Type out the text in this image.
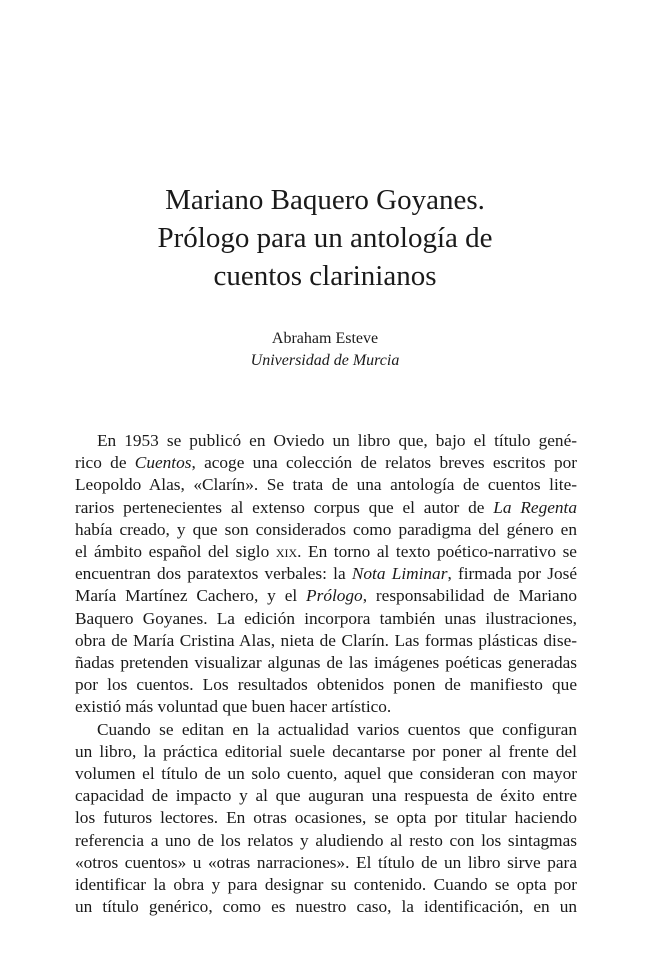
Mariano Baquero Goyanes.
Prólogo para un antología de
cuentos clarinianos
Abraham Esteve
Universidad de Murcia

En 1953 se publicó en Oviedo un libro que, bajo el título gené-
rico de Cuentos, acoge una colección de relatos breves escritos por
Leopoldo Alas, «Clarín». Se trata de una antología de cuentos lite-
rarios pertenecientes al extenso corpus que el autor de La Regenta
había creado, y que son considerados como paradigma del género en
el ámbito español del siglo xix. En torno al texto poético-narrativo se
encuentran dos paratextos verbales: la Nota Liminar, firmada por José
María Martínez Cachero, y el Prólogo, responsabilidad de Mariano
Baquero Goyanes. La edición incorpora también unas ilustraciones,
obra de María Cristina Alas, nieta de Clarín. Las formas plásticas dise-
ñadas pretenden visualizar algunas de las imágenes poéticas generadas
por los cuentos. Los resultados obtenidos ponen de manifiesto que
existió más voluntad que buen hacer artístico.

Cuando se editan en la actualidad varios cuentos que configuran
un libro, la práctica editorial suele decantarse por poner al frente del
volumen el título de un solo cuento, aquel que consideran con mayor
capacidad de impacto y al que auguran una respuesta de éxito entre
los futuros lectores. En otras ocasiones, se opta por titular haciendo
referencia a uno de los relatos y aludiendo al resto con los sintagmas
«otros cuentos» u «otras narraciones». El título de un libro sirve para
identificar la obra y para designar su contenido. Cuando se opta por
un título genérico, como es nuestro caso, la identificación, en un
